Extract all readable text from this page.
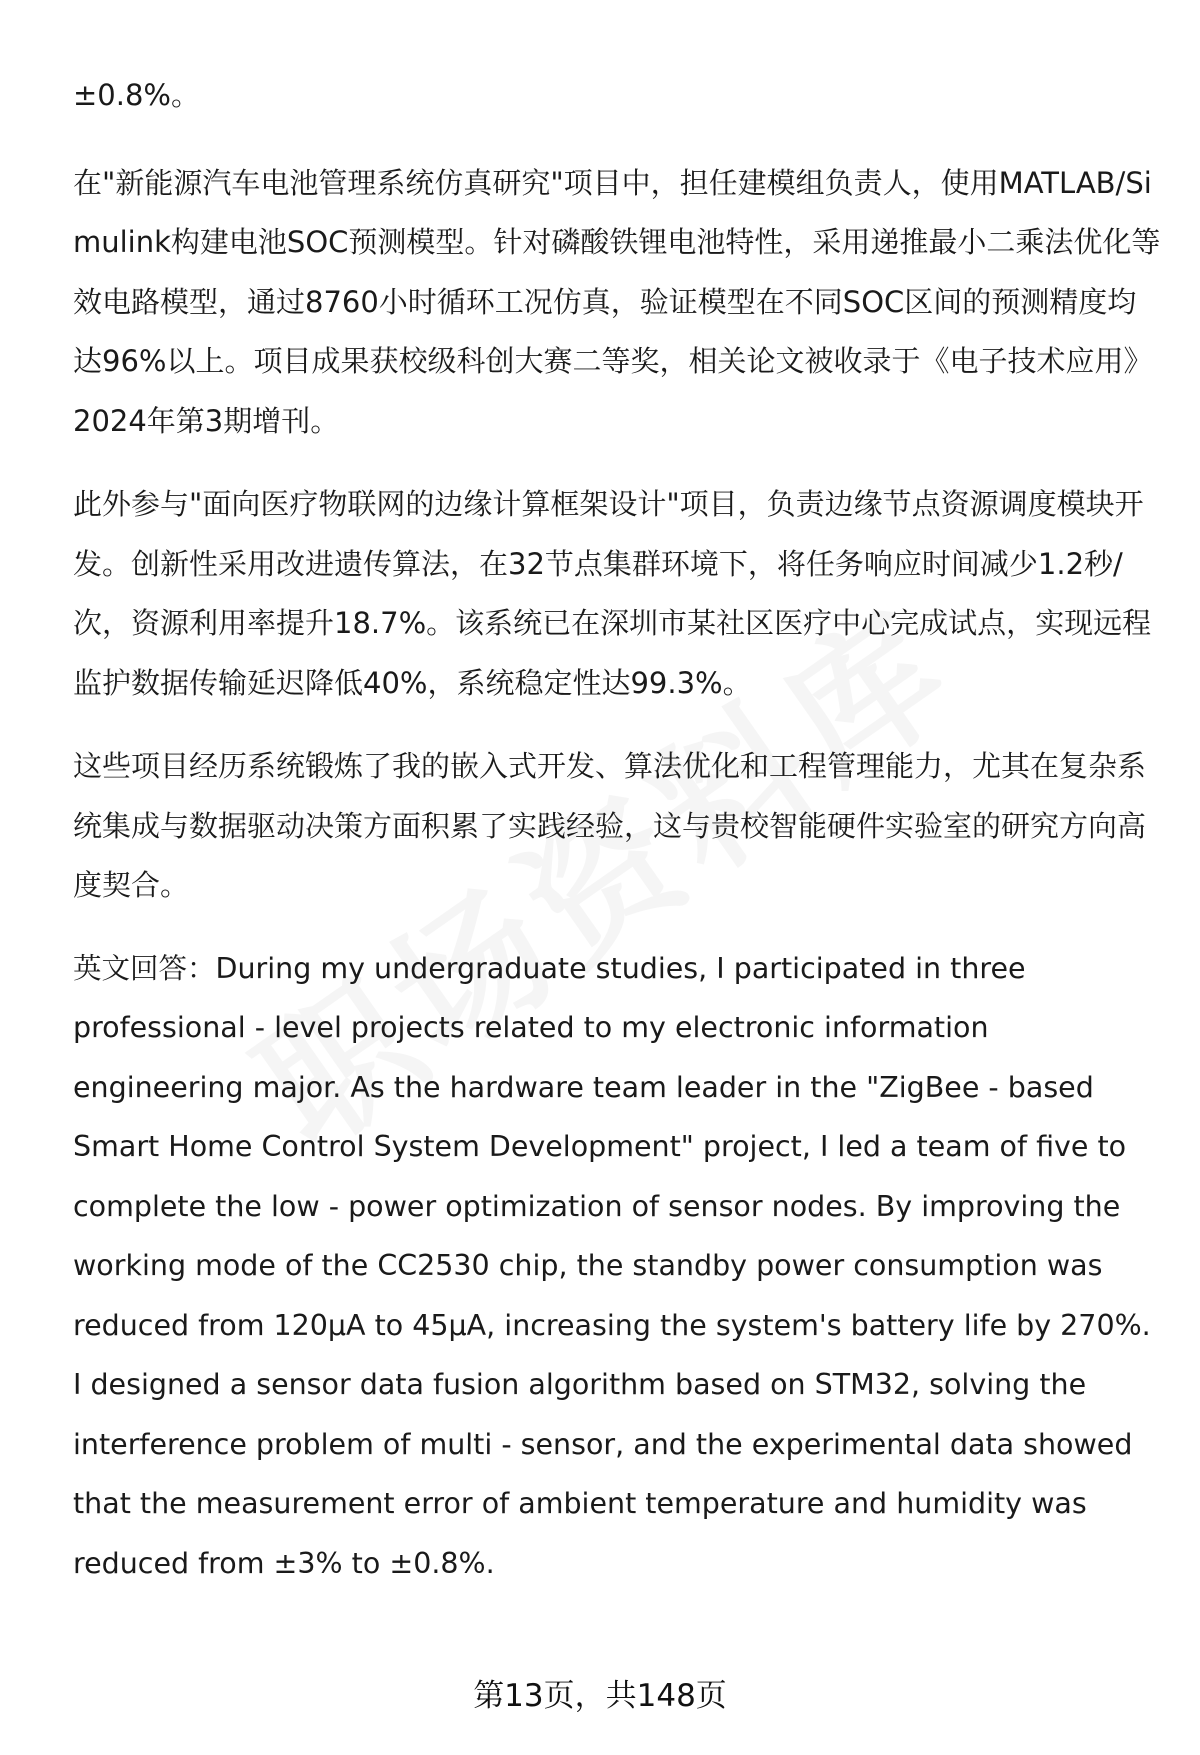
±0.8%。

在"新能源汽车电池管理系统仿真研究"项目中，担任建模组负责人，使用MATLAB/Simulink构建电池SOC预测模型。针对磷酸铁锂电池特性，采用递推最小二乘法优化等效电路模型，通过8760小时循环工况仿真，验证模型在不同SOC区间的预测精度均达96%以上。项目成果获校级科创大赛二等奖，相关论文被收录于《电子技术应用》2024年第3期增刊。

此外参与"面向医疗物联网的边缘计算框架设计"项目，负责边缘节点资源调度模块开发。创新性采用改进遗传算法，在32节点集群环境下，将任务响应时间减少1.2秒/次，资源利用率提升18.7%。该系统已在深圳市某社区医疗中心完成试点，实现远程监护数据传输延迟降低40%，系统稳定性达99.3%。

这些项目经历系统锻炼了我的嵌入式开发、算法优化和工程管理能力，尤其在复杂系统集成与数据驱动决策方面积累了实践经验，这与贵校智能硬件实验室的研究方向高度契合。

英文回答：During my undergraduate studies, I participated in three professional - level projects related to my electronic information engineering major. As the hardware team leader in the "ZigBee - based Smart Home Control System Development" project, I led a team of five to complete the low - power optimization of sensor nodes. By improving the working mode of the CC2530 chip, the standby power consumption was reduced from 120μA to 45μA, increasing the system's battery life by 270%. I designed a sensor data fusion algorithm based on STM32, solving the interference problem of multi - sensor, and the experimental data showed that the measurement error of ambient temperature and humidity was reduced from ±3% to ±0.8%.

第13页，共148页
